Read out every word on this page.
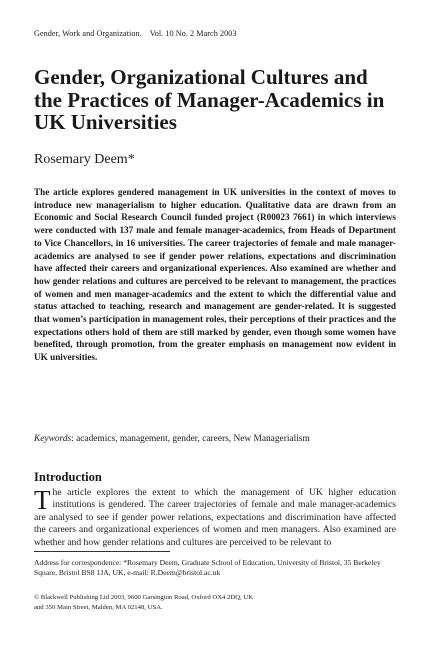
Gender, Work and Organization. Vol. 10 No. 2 March 2003
Gender, Organizational Cultures and the Practices of Manager-Academics in UK Universities
Rosemary Deem*

The article explores gendered management in UK universities in the context of moves to introduce new managerialism to higher education. Qualitative data are drawn from an Economic and Social Research Council funded project (R00023 7661) in which interviews were conducted with 137 male and female manager-academics, from Heads of Department to Vice Chancellors, in 16 universities. The career trajectories of female and male manager-academics are analysed to see if gender power relations, expectations and discrimination have affected their careers and organizational experiences. Also examined are whether and how gender relations and cultures are perceived to be relevant to management, the practices of women and men manager-academics and the extent to which the differential value and status attached to teaching, research and management are gender-related. It is suggested that women’s participation in management roles, their perceptions of their practices and the expectations others hold of them are still marked by gender, even though some women have benefited, through promotion, from the greater emphasis on management now evident in UK universities.

Keywords: academics, management, gender, careers, New Managerialism
Introduction

The article explores the extent to which the management of UK higher education institutions is gendered. The career trajectories of female and male manager-academics are analysed to see if gender power relations, expectations and discrimination have affected the careers and organizational experiences of women and men managers. Also examined are whether and how gender relations and cultures are perceived to be relevant to

Address for correspondence: *Rosemary Deem, Graduate School of Education, University of Bristol, 35 Berkeley Square, Bristol BS8 1JA, UK, e-mail: R.Deem@bristol.ac.uk

© Blackwell Publishing Ltd 2003, 9600 Garsington Road, Oxford OX4 2DQ, UK
and 350 Main Street, Malden, MA 02148, USA.
